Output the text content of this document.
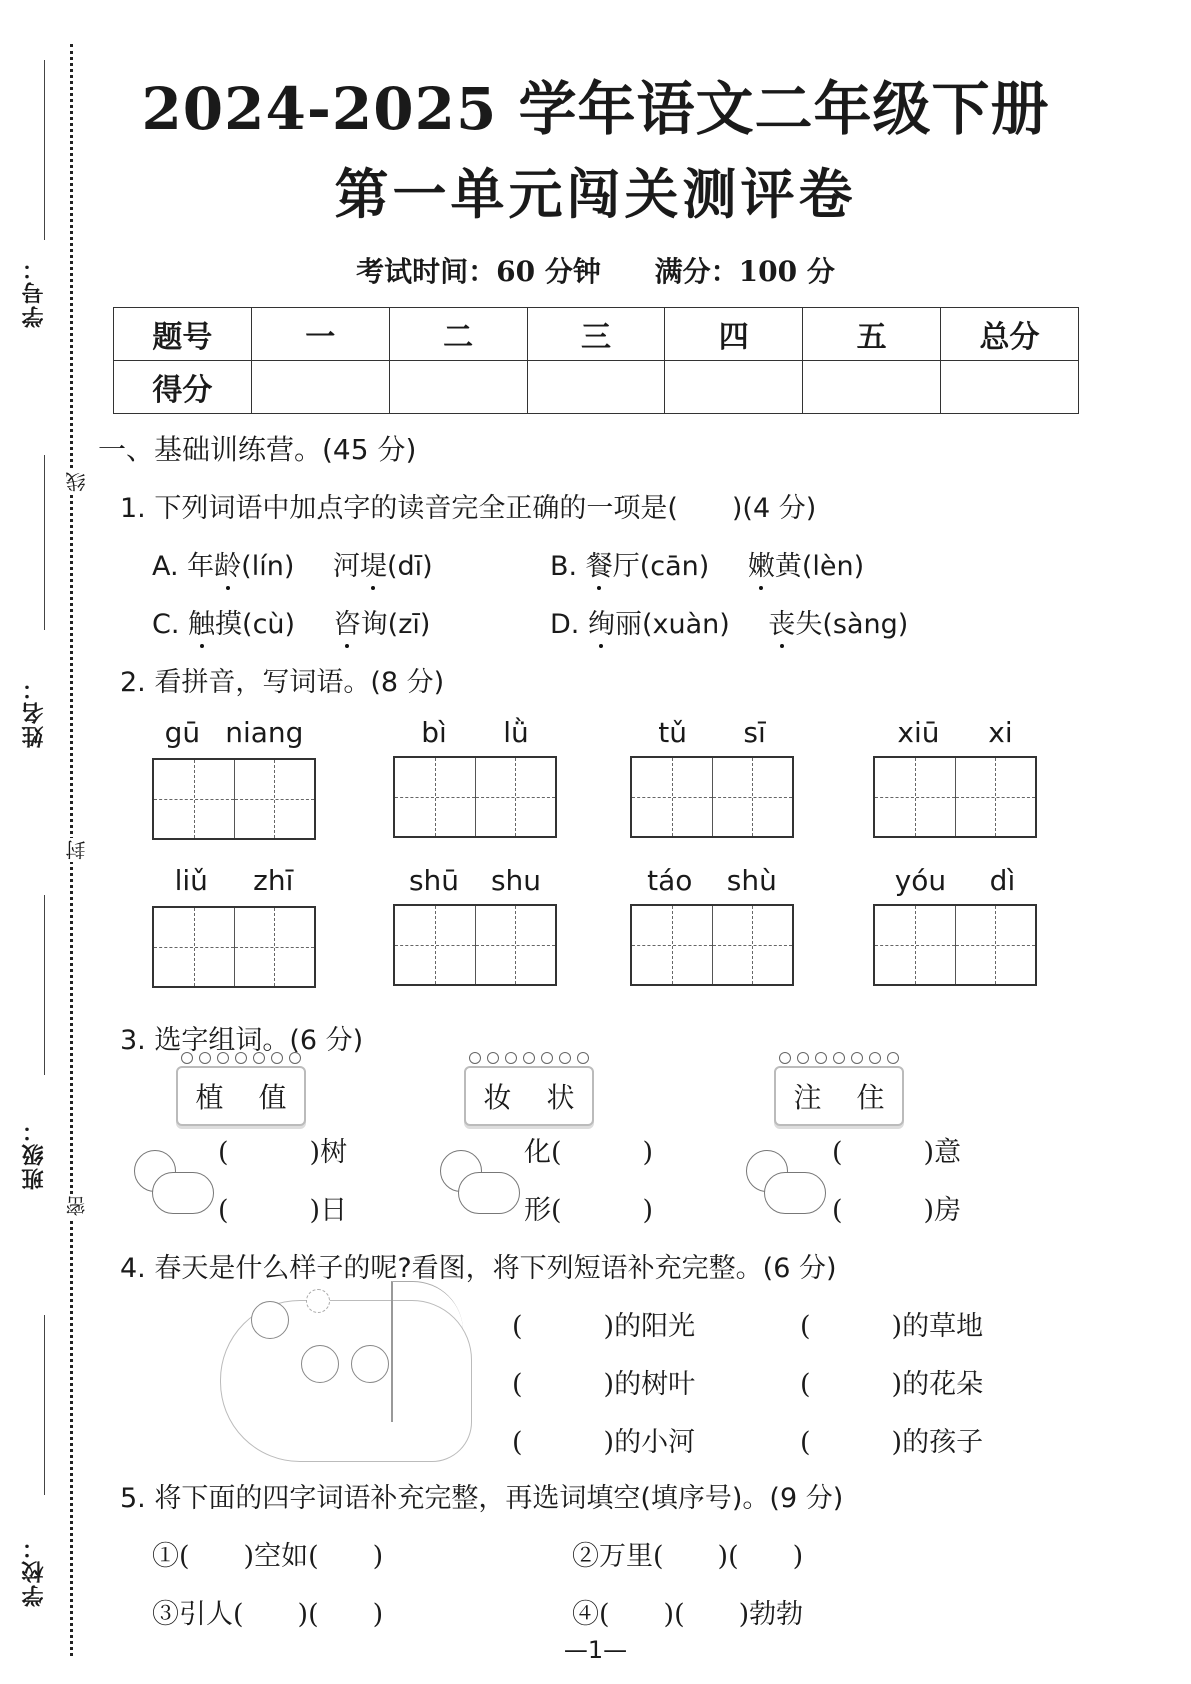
学号：
姓名：
班级：
学校：
线
封
密
2024-2025 学年语文二年级下册
第一单元闯关测评卷
考试时间：60 分钟 满分：100 分
题号	一	二	三	四	五	总分
得分						
一、基础训练营。(45 分)
1. 下列词语中加点字的读音完全正确的一项是(　　)(4 分)
A. 年龄(lín) 河堤(dī)	B. 餐厅(cān) 嫩黄(lèn)
C. 触摸(cù) 咨询(zī)	D. 绚丽(xuàn) 丧失(sàng)
2. 看拼音，写词语。(8 分)
gū niang	bì lǜ	tǔ sī	xiū xi
liǔ zhī	shū shu	táo shù	yóu dì
3. 选字组词。(6 分)
植 值
(　　　)树
(　　　)日
妆 状
化(　　　)
形(　　　)
注 住
(　　　)意
(　　　)房
4. 春天是什么样子的呢?看图，将下列短语补充完整。(6 分)
(　　　)的阳光	(　　　)的草地
(　　　)的树叶	(　　　)的花朵
(　　　)的小河	(　　　)的孩子
5. 将下面的四字词语补充完整，再选词填空(填序号)。(9 分)
①(　　)空如(　　)	②万里(　　)(　　)
③引人(　　)(　　)	④(　　)(　　)勃勃
—1—
